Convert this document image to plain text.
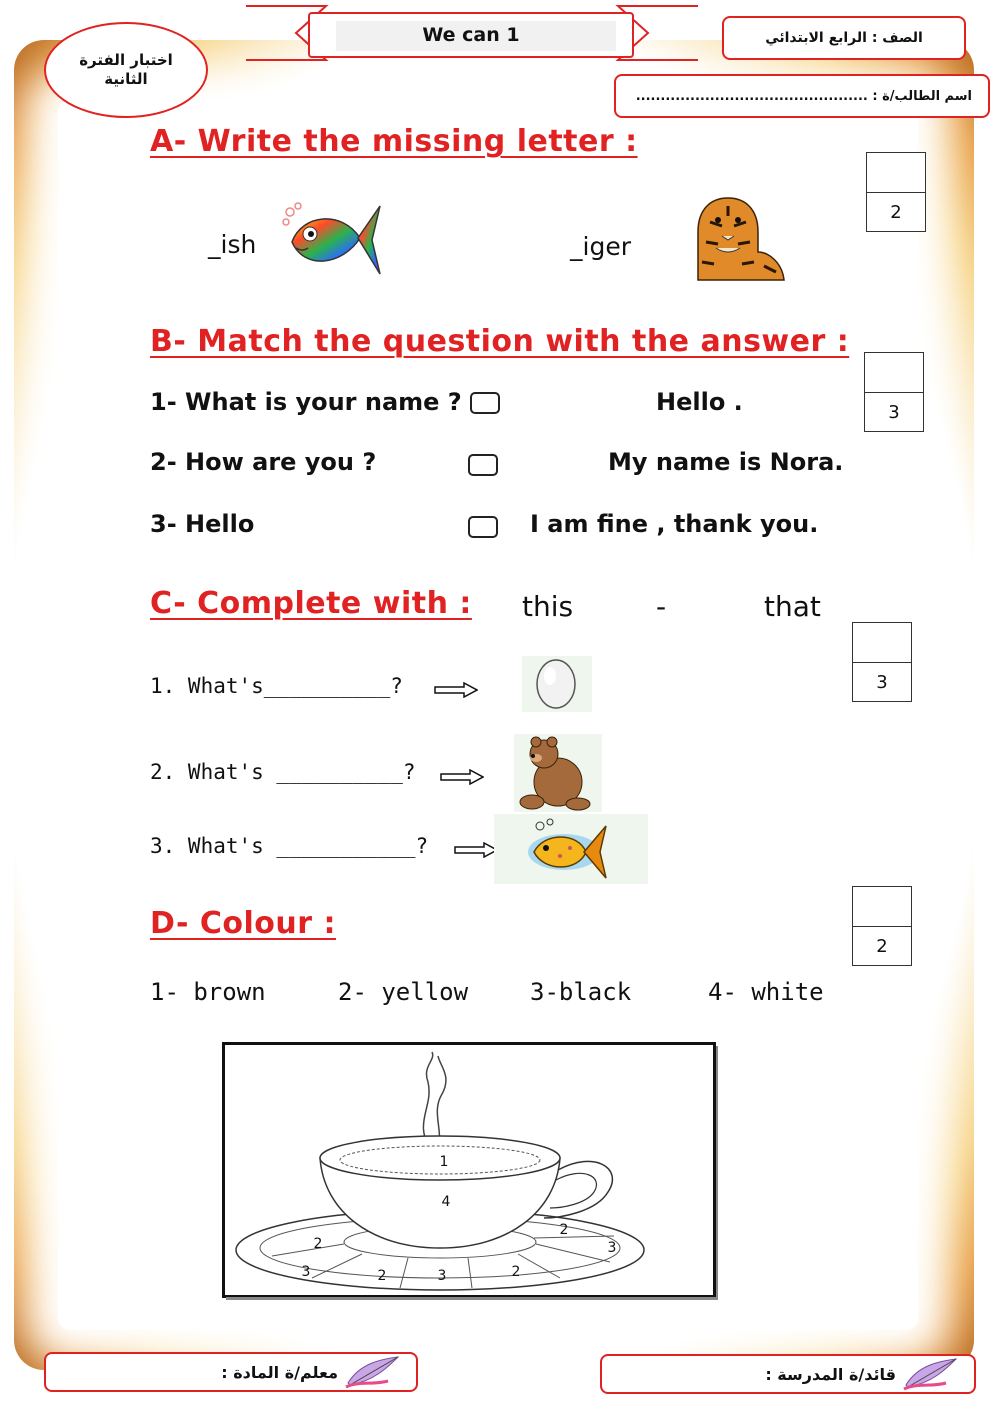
اختبار الفترة الثانية
We can 1	الصف : الرابع الابتدائي
اسم الطالب/ة : ...............................................
A- Write the missing letter :
2
_ish	_iger
B- Match the question with the answer :
3
1- What is your name ?	Hello .
2- How are you ?	My name is Nora.
3- Hello	I am fine , thank you.
C- Complete with : this	-	that
3
1. What's__________?
2. What's __________?
3. What's ___________?
D- Colour :
2
1- brown	2- yellow	3-black	4- white
1
4
2
2
3
3	2	3	2
معلم/ة المادة :	قائد/ة المدرسة :
